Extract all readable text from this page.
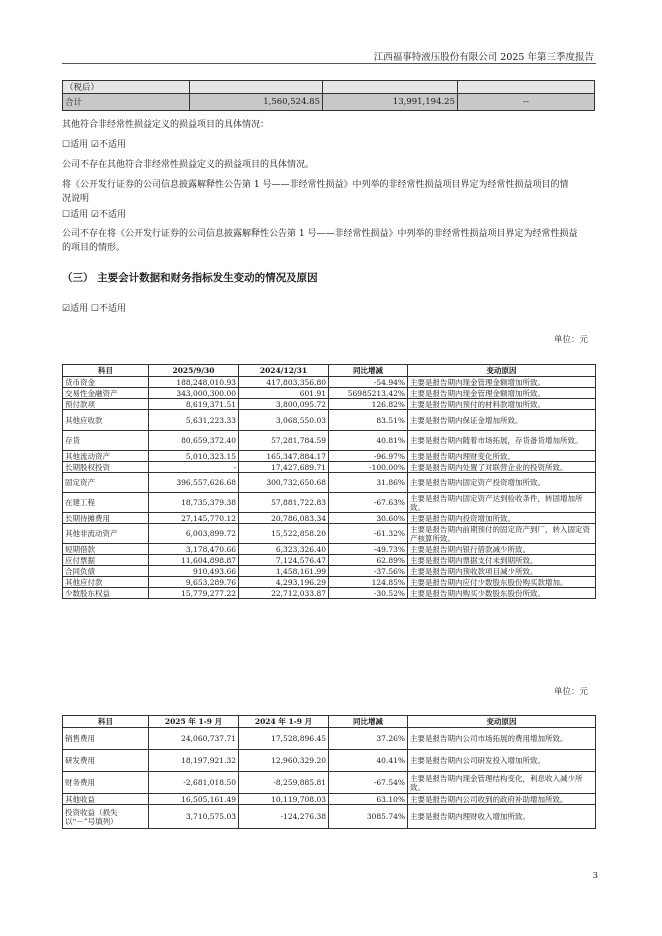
江西福事特液压股份有限公司 2025 年第三季度报告
（税后）			
合计	1,560,524.85	13,991,194.25	--
其他符合非经常性损益定义的损益项目的具体情况：
☐适用 ☑不适用
公司不存在其他符合非经常性损益定义的损益项目的具体情况。
将《公开发行证券的公司信息披露解释性公告第 1 号——非经常性损益》中列举的非经常性损益项目界定为经常性损益项目的情况说明
☐适用 ☑不适用
公司不存在将《公开发行证券的公司信息披露解释性公告第 1 号——非经常性损益》中列举的非经常性损益项目界定为经常性损益的项目的情形。
（三） 主要会计数据和财务指标发生变动的情况及原因
☑适用 ☐不适用
单位：元
科目	2025/9/30	2024/12/31	同比增减	变动原因
货币资金	188,248,010.93	417,803,356.80	-54.94%	主要是报告期内现金管理金额增加所致。
交易性金融资产	343,000,300.00	601.91	56985213.42%	主要是报告期内现金管理金额增加所致。
预付款项	8,619,371.51	3,800,095.72	126.82%	主要是报告期内预付的材料款增加所致。
其他应收款	5,631,223.33	3,068,550.03	83.51%	主要是报告期内保证金增加所致。
存货	80,659,372.40	57,281,784.59	40.81%	主要是报告期内随着市场拓展，存货备货增加所致。
其他流动资产	5,010,323.15	165,347,884.17	-96.97%	主要是报告期内理财变化所致。
长期股权投资	-	17,427,689.71	-100.00%	主要是报告期内处置了对联营企业的投资所致。
固定资产	396,557,626.68	300,732,650.68	31.86%	主要是报告期内固定资产投资增加所致。
在建工程	18,735,379.38	57,881,722.83	-67.63%	主要是报告期内固定资产达到验收条件，转固增加所致。
长期待摊费用	27,145,770.12	20,786,083.34	30.60%	主要是报告期内投资增加所致。
其他非流动资产	6,003,899.72	15,522,858.20	-61.32%	主要是报告期内前期预付的固定资产到厂，转入固定资产核算所致。
短期借款	3,178,470.66	6,323,326.40	-49.73%	主要是报告期内银行借款减少所致。
应付票据	11,604,898.87	7,124,576.47	62.89%	主要是报告期内票据支付未到期所致。
合同负债	910,493.66	1,458,161.99	-37.56%	主要是报告期内预收款项目减少所致。
其他应付款	9,653,289.76	4,293,196.29	124.85%	主要是报告期内应付少数股东股份购买款增加。
少数股东权益	15,779,277.22	22,712,033.87	-30.52%	主要是报告期内购买少数股东股份所致。
单位：元
科目	2025 年 1-9 月	2024 年 1-9 月	同比增减	变动原因
销售费用	24,060,737.71	17,528,896.45	37.26%	主要是报告期内公司市场拓展的费用增加所致。
研发费用	18,197,921.32	12,960,329.20	40.41%	主要是报告期内公司研发投入增加所致。
财务费用	-2,681,018.50	-8,259,885.81	-67.54%	主要是报告期内现金管理结构变化，利息收入减少所致。
其他收益	16,505,161.49	10,119,708.03	63.10%	主要是报告期内公司收到的政府补助增加所致。
投资收益（损失以“－”号填列）	3,710,575.03	-124,276.38	3085.74%	主要是报告期内理财收入增加所致。
3
